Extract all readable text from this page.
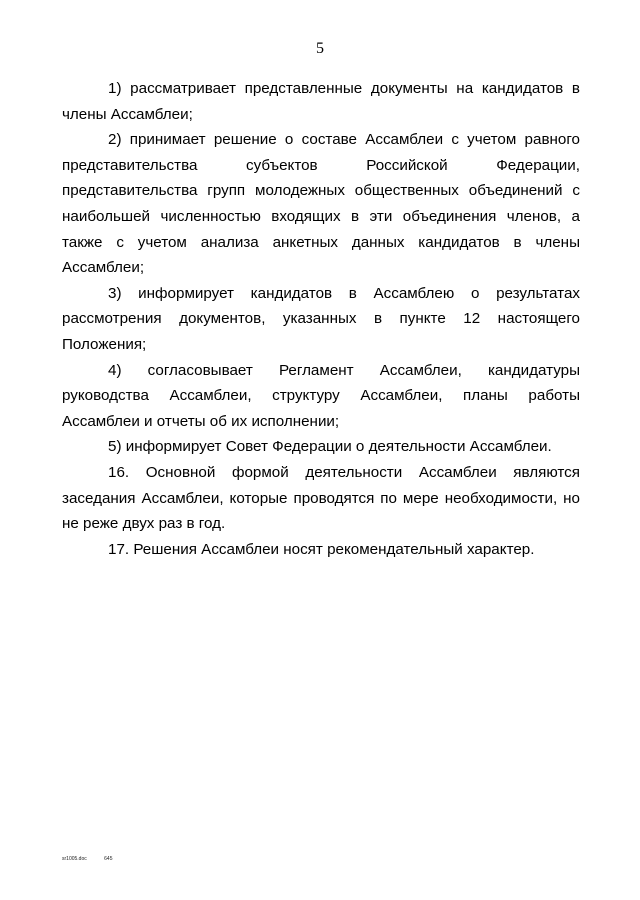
5

1) рассматривает представленные документы на кандидатов в члены Ассамблеи;

2) принимает решение о составе Ассамблеи с учетом равного представительства субъектов Российской Федерации, представительства групп молодежных общественных объединений с наибольшей численностью входящих в эти объединения членов, а также с учетом анализа анкетных данных кандидатов в члены Ассамблеи;

3) информирует кандидатов в Ассамблею о результатах рассмотрения документов, указанных в пункте 12 настоящего Положения;

4) согласовывает Регламент Ассамблеи, кандидатуры руководства Ассамблеи, структуру Ассамблеи, планы работы Ассамблеи и отчеты об их исполнении;

5) информирует Совет Федерации о деятельности Ассамблеи.

16. Основной формой деятельности Ассамблеи являются заседания Ассамблеи, которые проводятся по мере необходимости, но не реже двух раз в год.

17. Решения Ассамблеи носят рекомендательный характер.

sr1005.doc	645
